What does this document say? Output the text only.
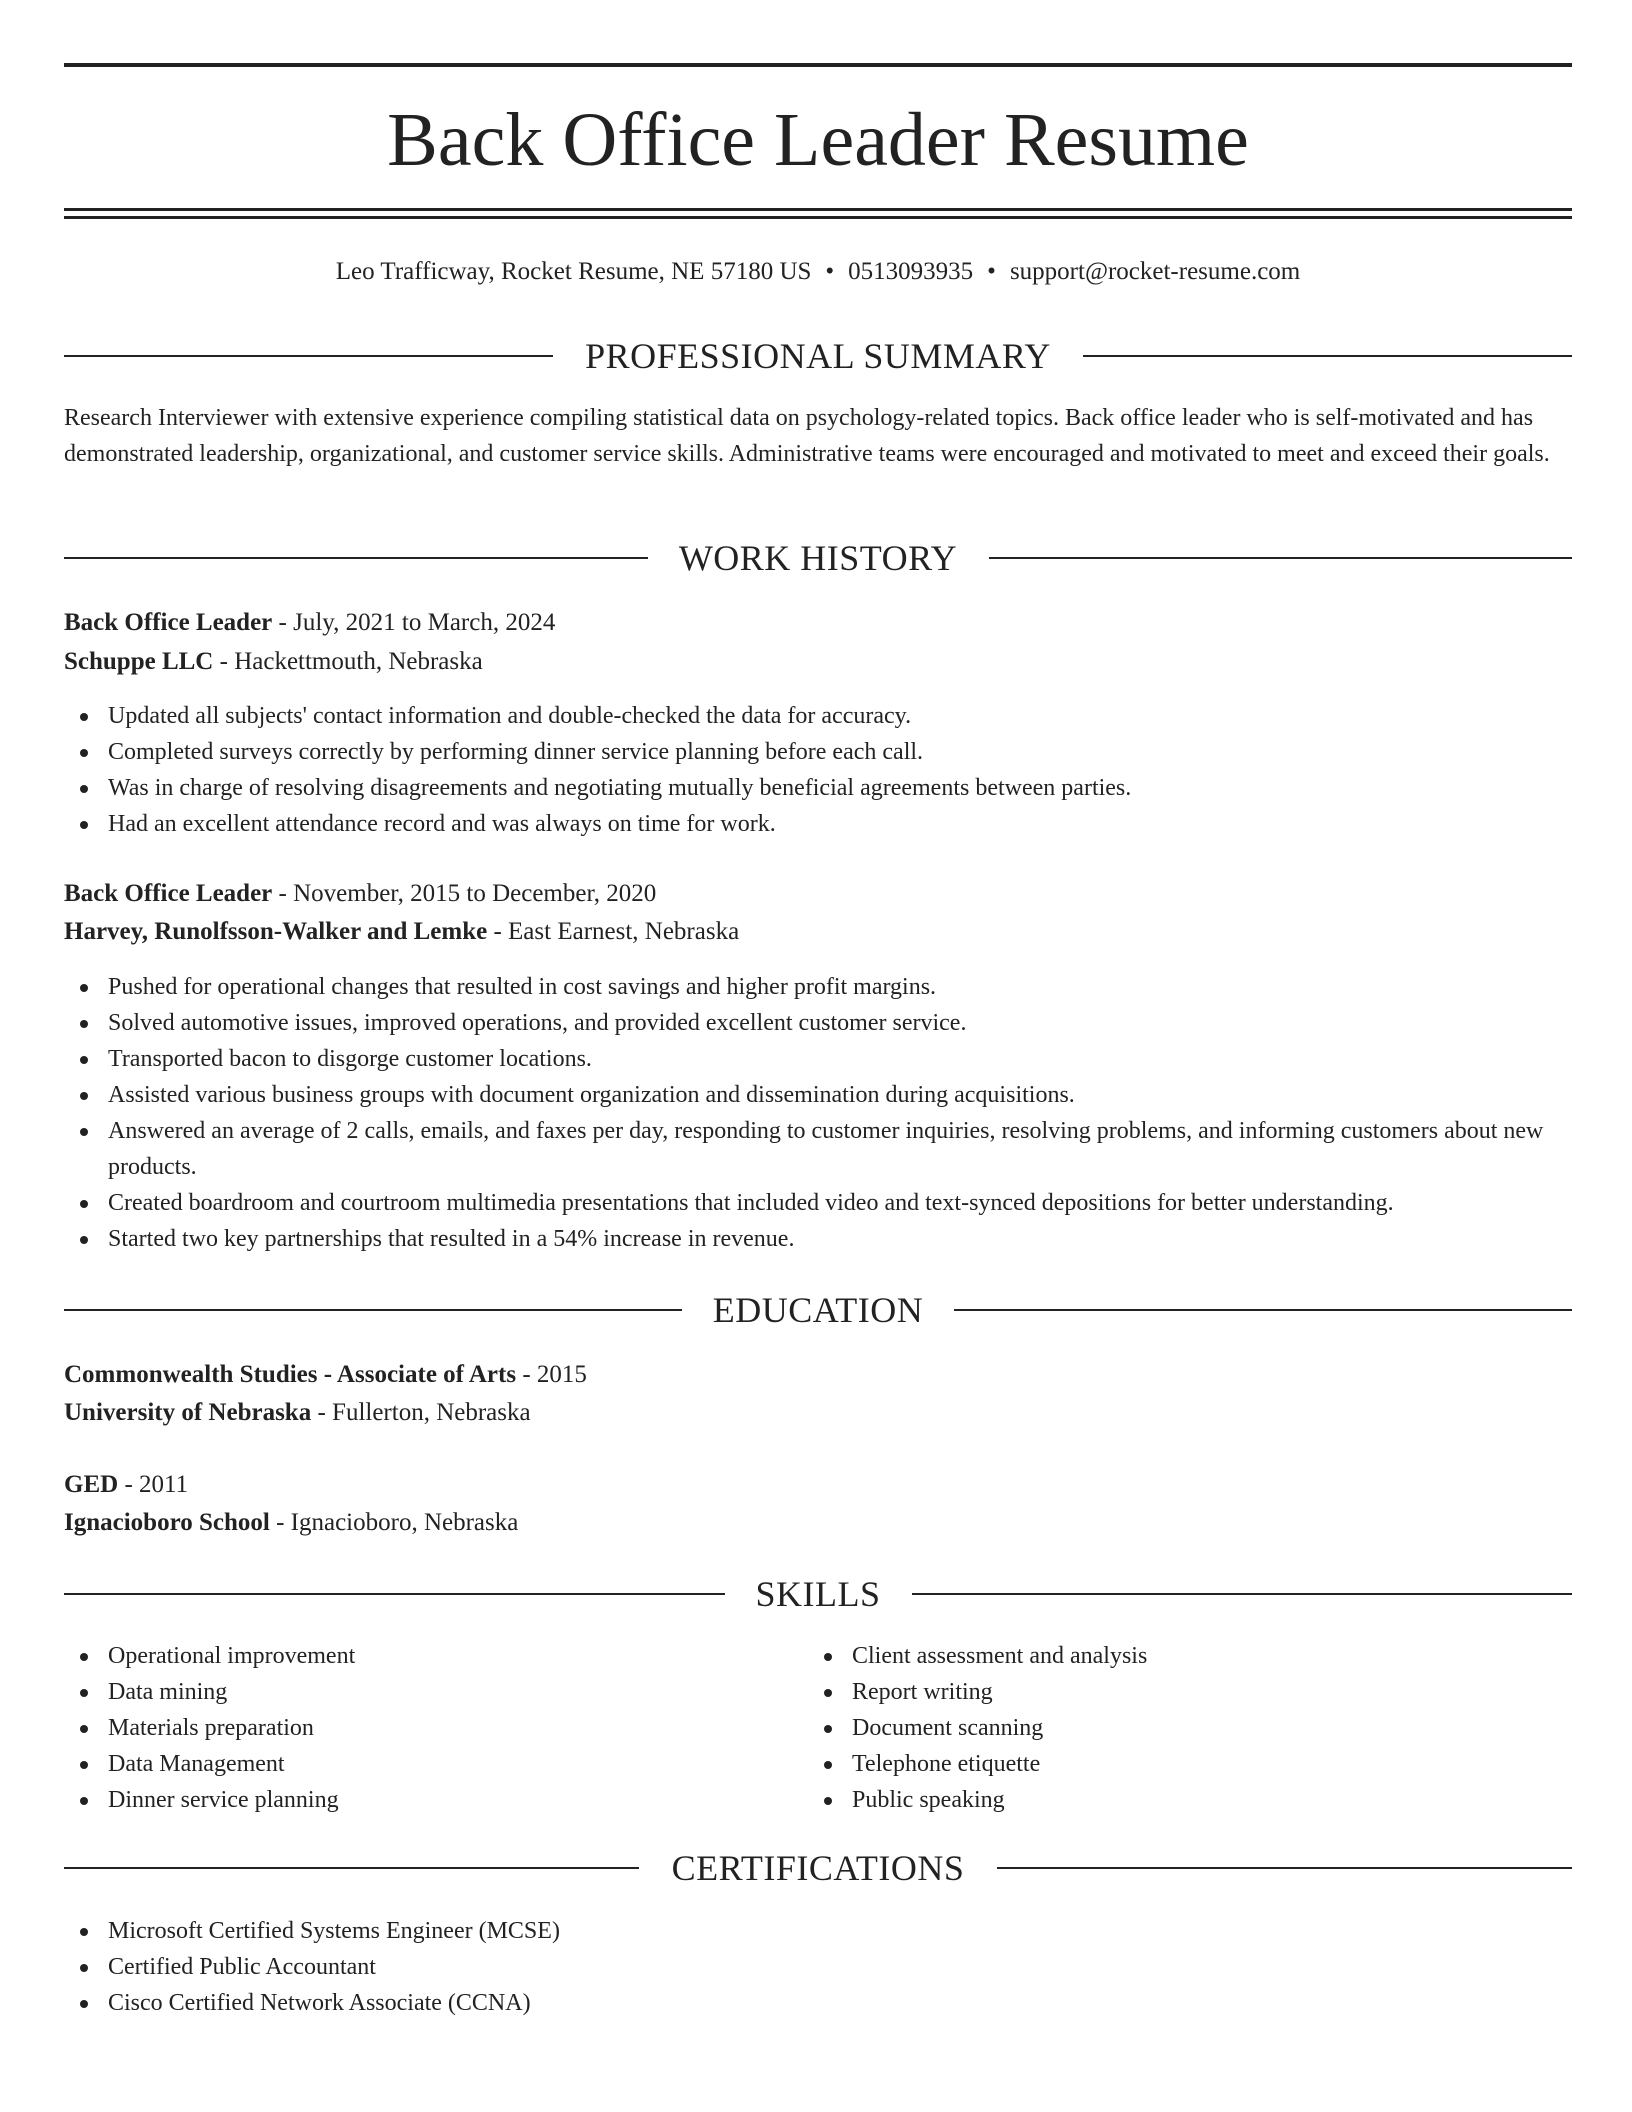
Back Office Leader Resume
Leo Trafficway, Rocket Resume, NE 57180 US • 0513093935 • support@rocket-resume.com
PROFESSIONAL SUMMARY
Research Interviewer with extensive experience compiling statistical data on psychology-related topics. Back office leader who is self-motivated and has demonstrated leadership, organizational, and customer service skills. Administrative teams were encouraged and motivated to meet and exceed their goals.
WORK HISTORY
Back Office Leader - July, 2021 to March, 2024
Schuppe LLC - Hackettmouth, Nebraska
Updated all subjects' contact information and double-checked the data for accuracy.
Completed surveys correctly by performing dinner service planning before each call.
Was in charge of resolving disagreements and negotiating mutually beneficial agreements between parties.
Had an excellent attendance record and was always on time for work.
Back Office Leader - November, 2015 to December, 2020
Harvey, Runolfsson-Walker and Lemke - East Earnest, Nebraska
Pushed for operational changes that resulted in cost savings and higher profit margins.
Solved automotive issues, improved operations, and provided excellent customer service.
Transported bacon to disgorge customer locations.
Assisted various business groups with document organization and dissemination during acquisitions.
Answered an average of 2 calls, emails, and faxes per day, responding to customer inquiries, resolving problems, and informing customers about new products.
Created boardroom and courtroom multimedia presentations that included video and text-synced depositions for better understanding.
Started two key partnerships that resulted in a 54% increase in revenue.
EDUCATION
Commonwealth Studies - Associate of Arts - 2015
University of Nebraska - Fullerton, Nebraska
GED - 2011
Ignacioboro School - Ignacioboro, Nebraska
SKILLS
Operational improvement
Data mining
Materials preparation
Data Management
Dinner service planning
Client assessment and analysis
Report writing
Document scanning
Telephone etiquette
Public speaking
CERTIFICATIONS
Microsoft Certified Systems Engineer (MCSE)
Certified Public Accountant
Cisco Certified Network Associate (CCNA)
